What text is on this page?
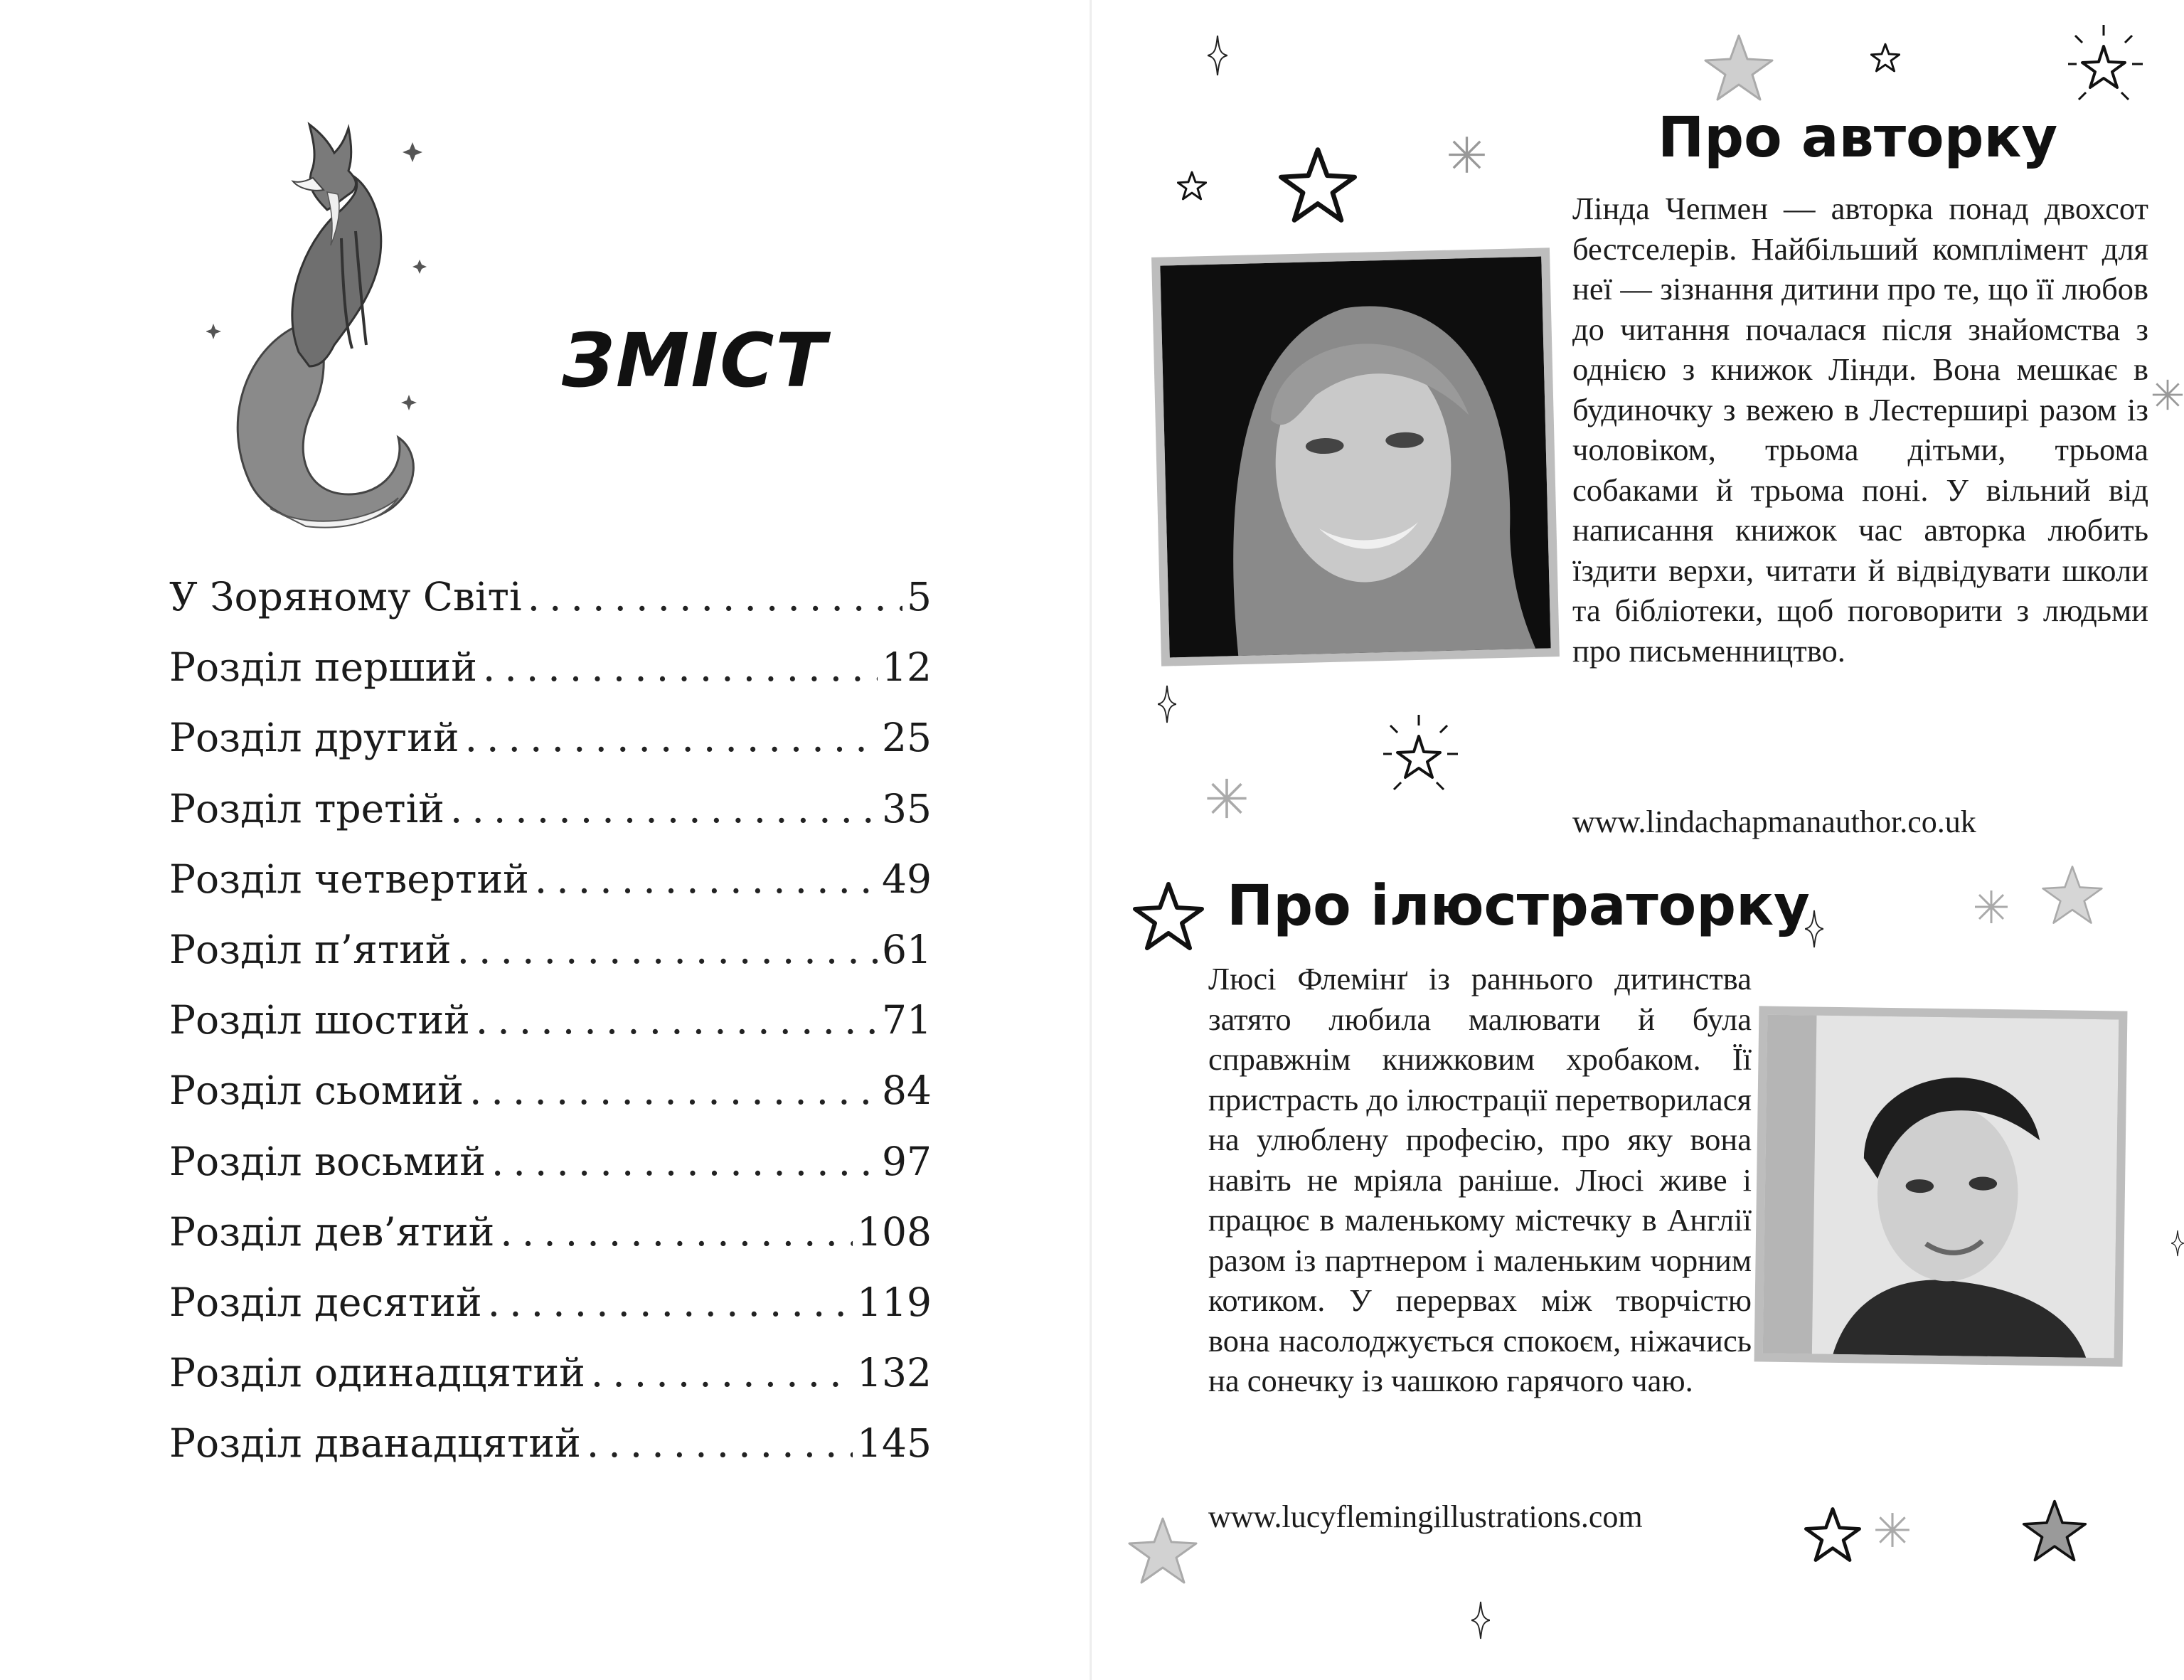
ЗМІСТ
У Зоряному Світі .....	5
Розділ перший .....	12
Розділ другий .....	25
Розділ третій .....	35
Розділ четвертий .....	49
Розділ п’ятий .....	61
Розділ шостий .....	71
Розділ сьомий .....	84
Розділ восьмий .....	97
Розділ дев’ятий .....	108
Розділ десятий .....	119
Розділ одинадцятий .....	132
Розділ дванадцятий .....	145
Про авторку

Лінда Чепмен — авторка понад двохсот бестселерів. Найбільший комплімент для неї — зізнання дитини про те, що її любов до читання почалася після знайомства з однією з книжок Лінди. Вона мешкає в будиночку з вежею в Лестерширі разом із чоловіком, трьома дітьми, трьома собаками й трьома поні. У вільний від написання книжок час авторка любить їздити верхи, читати й відвідувати школи та бібліотеки, щоб поговорити з людьми про письменництво.

www.lindachapmanauthor.co.uk

Про ілюстраторку

Люсі Флемінґ із раннього дитинства затято любила малювати й була справжнім книжковим хробаком. Її пристрасть до ілюстрації перетворилася на улюблену професію, про яку вона навіть не мріяла раніше. Люсі живе і працює в маленькому містечку в Англії разом із партнером і маленьким чорним котиком. У перервах між творчістю вона насолоджується спокоєм, ніжачись на сонечку із чашкою гарячого чаю.

www.lucyflemingillustrations.com
